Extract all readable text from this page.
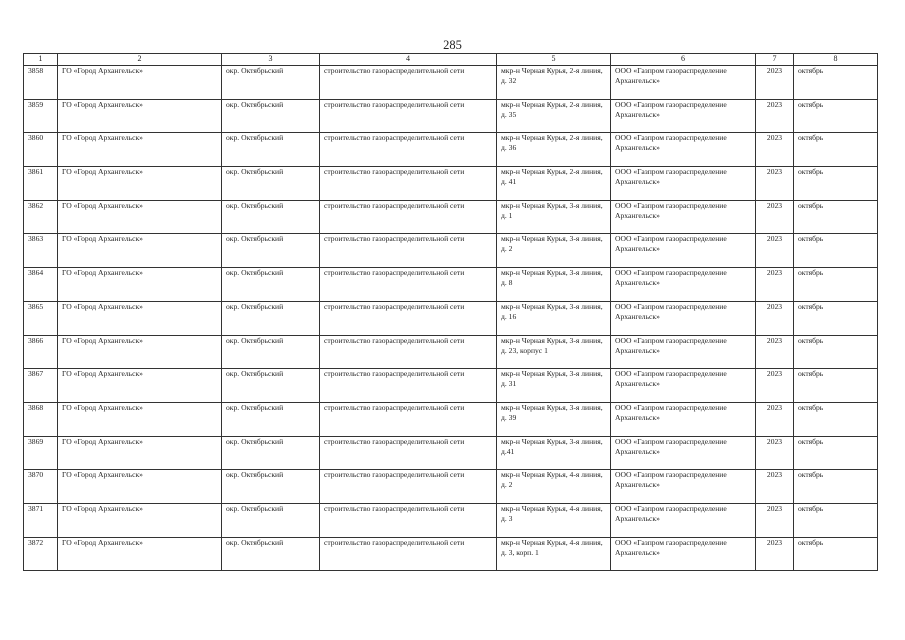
285
1	2	3	4	5	6	7	8
3858	ГО «Город Архангельск»	окр. Октябрьский	строительство газораспределительной сети	мкр-н Черная Курья, 2-я линия, д. 32	ООО «Газпром газораспределение Архангельск»	2023	октябрь
3859	ГО «Город Архангельск»	окр. Октябрьский	строительство газораспределительной сети	мкр-н Черная Курья, 2-я линия, д. 35	ООО «Газпром газораспределение Архангельск»	2023	октябрь
3860	ГО «Город Архангельск»	окр. Октябрьский	строительство газораспределительной сети	мкр-н Черная Курья, 2-я линия, д. 36	ООО «Газпром газораспределение Архангельск»	2023	октябрь
3861	ГО «Город Архангельск»	окр. Октябрьский	строительство газораспределительной сети	мкр-н Черная Курья, 2-я линия, д. 41	ООО «Газпром газораспределение Архангельск»	2023	октябрь
3862	ГО «Город Архангельск»	окр. Октябрьский	строительство газораспределительной сети	мкр-н Черная Курья, 3-я линия, д. 1	ООО «Газпром газораспределение Архангельск»	2023	октябрь
3863	ГО «Город Архангельск»	окр. Октябрьский	строительство газораспределительной сети	мкр-н Черная Курья, 3-я линия, д. 2	ООО «Газпром газораспределение Архангельск»	2023	октябрь
3864	ГО «Город Архангельск»	окр. Октябрьский	строительство газораспределительной сети	мкр-н Черная Курья, 3-я линия, д. 8	ООО «Газпром газораспределение Архангельск»	2023	октябрь
3865	ГО «Город Архангельск»	окр. Октябрьский	строительство газораспределительной сети	мкр-н Черная Курья, 3-я линия, д. 16	ООО «Газпром газораспределение Архангельск»	2023	октябрь
3866	ГО «Город Архангельск»	окр. Октябрьский	строительство газораспределительной сети	мкр-н Черная Курья, 3-я линия, д. 23, корпус 1	ООО «Газпром газораспределение Архангельск»	2023	октябрь
3867	ГО «Город Архангельск»	окр. Октябрьский	строительство газораспределительной сети	мкр-н Черная Курья, 3-я линия, д. 31	ООО «Газпром газораспределение Архангельск»	2023	октябрь
3868	ГО «Город Архангельск»	окр. Октябрьский	строительство газораспределительной сети	мкр-н Черная Курья, 3-я линия, д. 39	ООО «Газпром газораспределение Архангельск»	2023	октябрь
3869	ГО «Город Архангельск»	окр. Октябрьский	строительство газораспределительной сети	мкр-н Черная Курья, 3-я линия, д.41	ООО «Газпром газораспределение Архангельск»	2023	октябрь
3870	ГО «Город Архангельск»	окр. Октябрьский	строительство газораспределительной сети	мкр-н Черная Курья, 4-я линия, д. 2	ООО «Газпром газораспределение Архангельск»	2023	октябрь
3871	ГО «Город Архангельск»	окр. Октябрьский	строительство газораспределительной сети	мкр-н Черная Курья, 4-я линия, д. 3	ООО «Газпром газораспределение Архангельск»	2023	октябрь
3872	ГО «Город Архангельск»	окр. Октябрьский	строительство газораспределительной сети	мкр-н Черная Курья, 4-я линия, д. 3, корп. 1	ООО «Газпром газораспределение Архангельск»	2023	октябрь
